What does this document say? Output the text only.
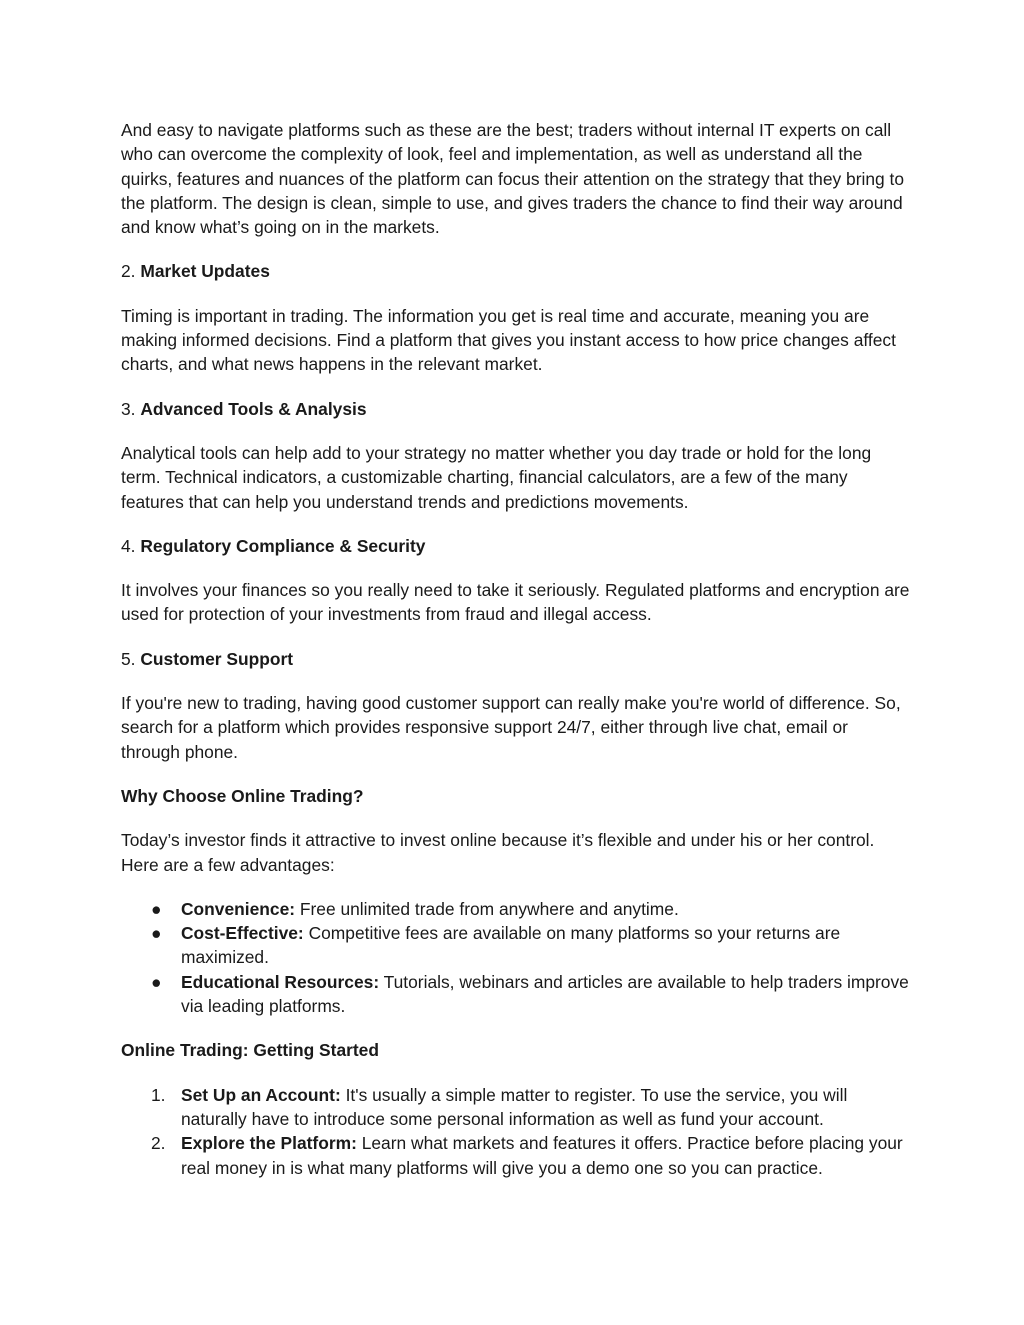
And easy to navigate platforms such as these are the best; traders without internal IT experts on call who can overcome the complexity of look, feel and implementation, as well as understand all the quirks, features and nuances of the platform can focus their attention on the strategy that they bring to the platform. The design is clean, simple to use, and gives traders the chance to find their way around and know what’s going on in the markets.

2. Market Updates

Timing is important in trading. The information you get is real time and accurate, meaning you are making informed decisions. Find a platform that gives you instant access to how price changes affect charts, and what news happens in the relevant market.

3. Advanced Tools & Analysis

Analytical tools can help add to your strategy no matter whether you day trade or hold for the long term. Technical indicators, a customizable charting, financial calculators, are a few of the many features that can help you understand trends and predictions movements.

4. Regulatory Compliance & Security

It involves your finances so you really need to take it seriously. Regulated platforms and encryption are used for protection of your investments from fraud and illegal access.

5. Customer Support

If you're new to trading, having good customer support can really make you're world of difference. So, search for a platform which provides responsive support 24/7, either through live chat, email or through phone.

Why Choose Online Trading?

Today’s investor finds it attractive to invest online because it’s flexible and under his or her control. Here are a few advantages:

● Convenience: Free unlimited trade from anywhere and anytime.
● Cost-Effective: Competitive fees are available on many platforms so your returns are maximized.
● Educational Resources: Tutorials, webinars and articles are available to help traders improve via leading platforms.

Online Trading: Getting Started

1. Set Up an Account: It's usually a simple matter to register. To use the service, you will naturally have to introduce some personal information as well as fund your account.
2. Explore the Platform: Learn what markets and features it offers. Practice before placing your real money in is what many platforms will give you a demo one so you can practice.
